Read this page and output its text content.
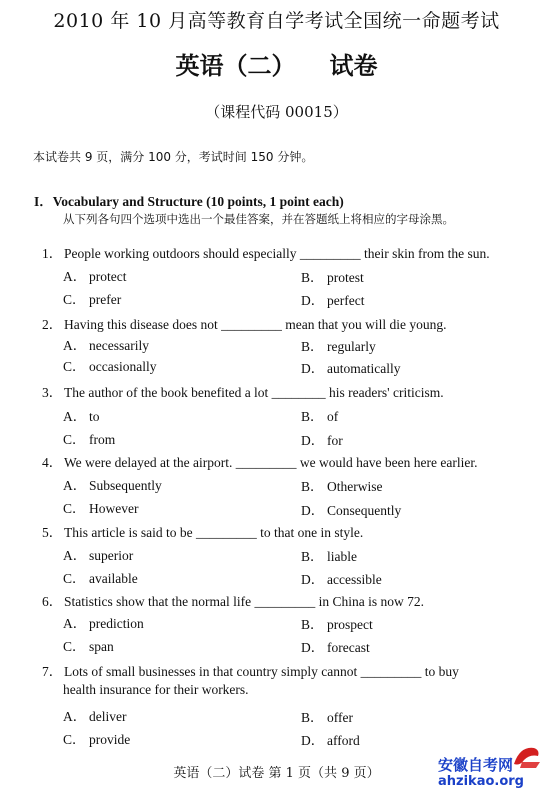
2010 年 10 月高等教育自学考试全国统一命题考试
英语（二） 试卷
（课程代码 00015）
本试卷共 9 页，满分 100 分，考试时间 150 分钟。
I．Vocabulary and Structure (10 points, 1 point each)
从下列各句四个选项中选出一个最佳答案，并在答题纸上将相应的字母涂黑。
1． People working outdoors should especially _________ their skin from the sun.
A． protect	B． protest
C． prefer	D． perfect
2． Having this disease does not _________ mean that you will die young.
A． necessarily	B． regularly
C． occasionally	D． automatically
3． The author of the book benefited a lot ________ his readers' criticism.
A． to	B． of
C． from	D． for
4． We were delayed at the airport. _________ we would have been here earlier.
A． Subsequently	B． Otherwise
C． However	D． Consequently
5． This article is said to be _________ to that one in style.
A． superior	B． liable
C． available	D． accessible
6． Statistics show that the normal life _________ in China is now 72.
A． prediction	B． prospect
C． span	D． forecast
7． Lots of small businesses in that country simply cannot _________ to buy
health insurance for their workers.
A． deliver	B． offer
C． provide	D． afford
英语（二）试卷 第 1 页（共 9 页）	安徽自考网
ahzikao.org
